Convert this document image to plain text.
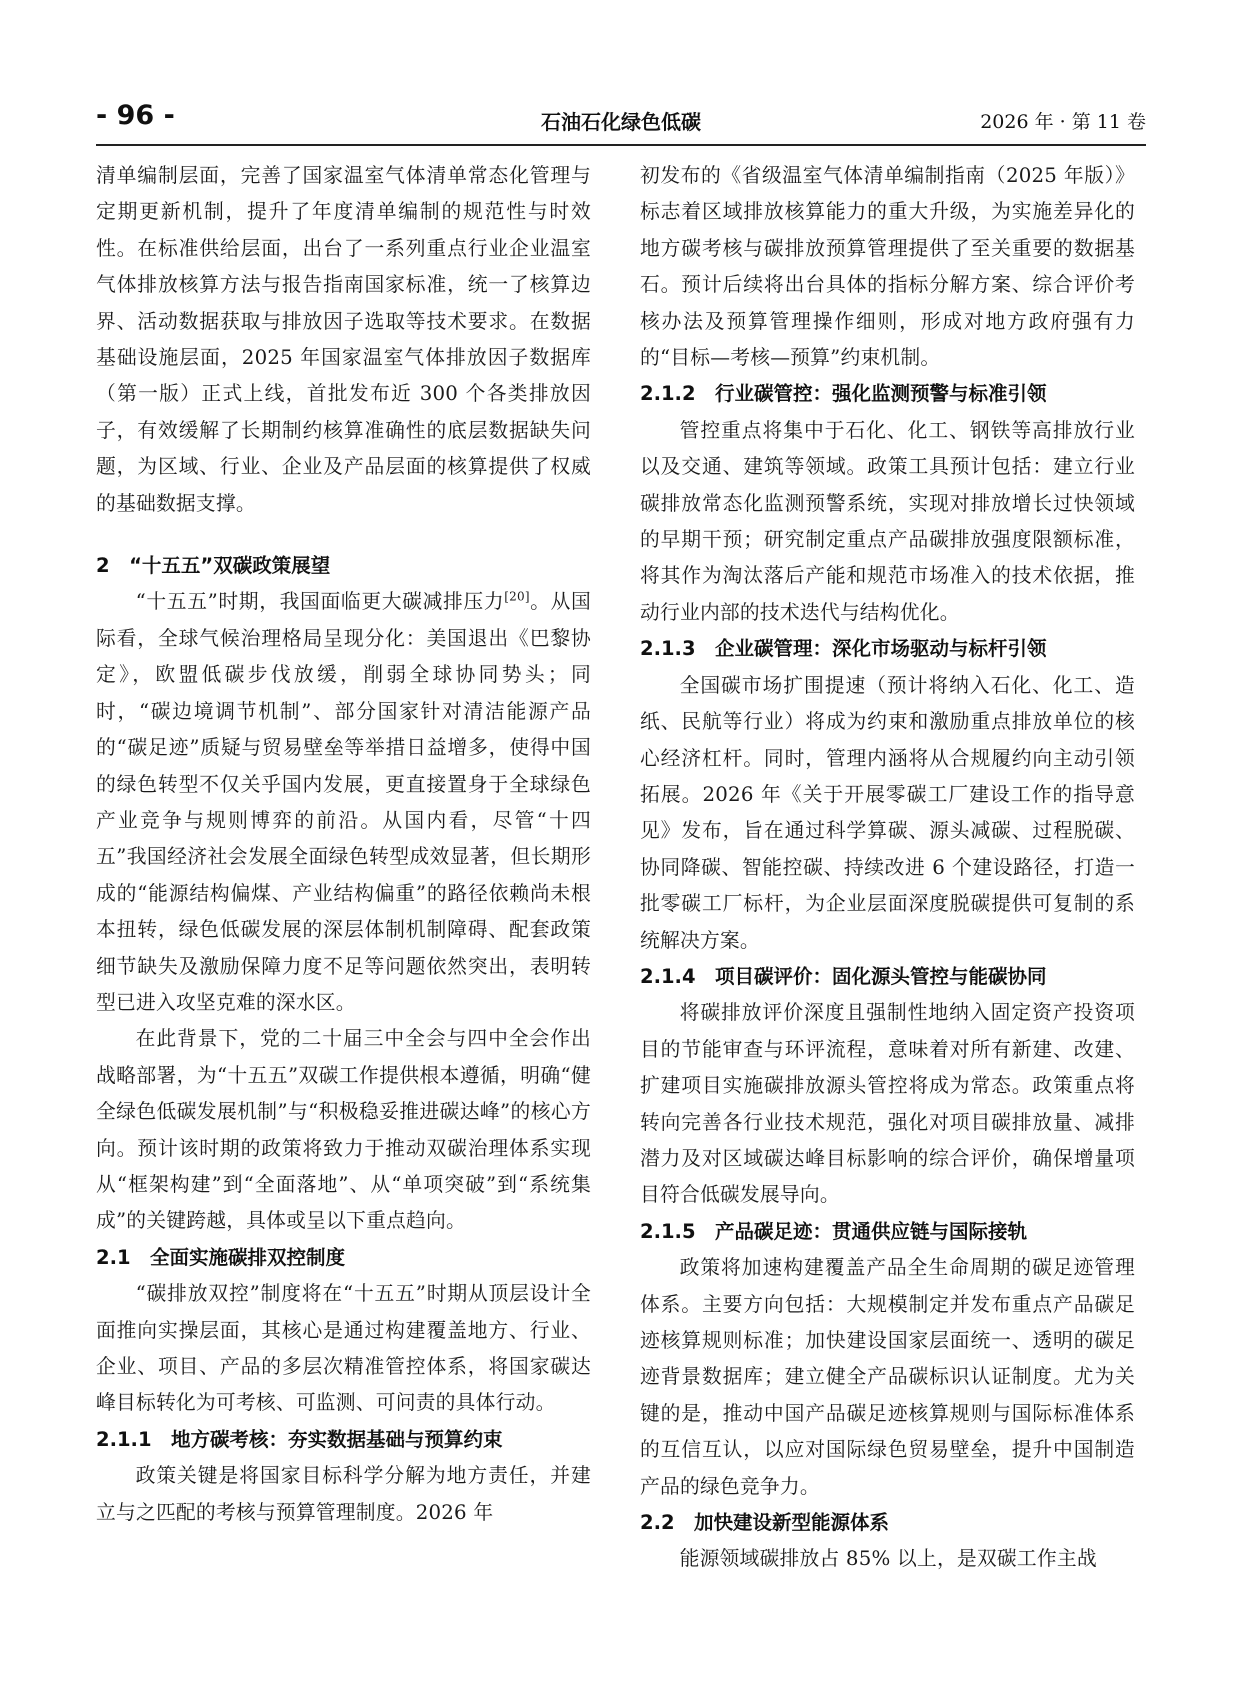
- 96 -	石油石化绿色低碳	2026 年 · 第 11 卷

清单编制层面，完善了国家温室气体清单常态化管理与定期更新机制，提升了年度清单编制的规范性与时效性。在标准供给层面，出台了一系列重点行业企业温室气体排放核算方法与报告指南国家标准，统一了核算边界、活动数据获取与排放因子选取等技术要求。在数据基础设施层面，2025 年国家温室气体排放因子数据库（第一版）正式上线，首批发布近 300 个各类排放因子，有效缓解了长期制约核算准确性的底层数据缺失问题，为区域、行业、企业及产品层面的核算提供了权威的基础数据支撑。

2　“十五五”双碳政策展望

“十五五”时期，我国面临更大碳减排压力[20]。从国际看，全球气候治理格局呈现分化：美国退出《巴黎协定》，欧盟低碳步伐放缓，削弱全球协同势头；同时，“碳边境调节机制”、部分国家针对清洁能源产品的“碳足迹”质疑与贸易壁垒等举措日益增多，使得中国的绿色转型不仅关乎国内发展，更直接置身于全球绿色产业竞争与规则博弈的前沿。从国内看，尽管“十四五”我国经济社会发展全面绿色转型成效显著，但长期形成的“能源结构偏煤、产业结构偏重”的路径依赖尚未根本扭转，绿色低碳发展的深层体制机制障碍、配套政策细节缺失及激励保障力度不足等问题依然突出，表明转型已进入攻坚克难的深水区。

在此背景下，党的二十届三中全会与四中全会作出战略部署，为“十五五”双碳工作提供根本遵循，明确“健全绿色低碳发展机制”与“积极稳妥推进碳达峰”的核心方向。预计该时期的政策将致力于推动双碳治理体系实现从“框架构建”到“全面落地”、从“单项突破”到“系统集成”的关键跨越，具体或呈以下重点趋向。

2.1　全面实施碳排双控制度

“碳排放双控”制度将在“十五五”时期从顶层设计全面推向实操层面，其核心是通过构建覆盖地方、行业、企业、项目、产品的多层次精准管控体系，将国家碳达峰目标转化为可考核、可监测、可问责的具体行动。

2.1.1　地方碳考核：夯实数据基础与预算约束

政策关键是将国家目标科学分解为地方责任，并建立与之匹配的考核与预算管理制度。2026 年

初发布的《省级温室气体清单编制指南（2025 年版）》标志着区域排放核算能力的重大升级，为实施差异化的地方碳考核与碳排放预算管理提供了至关重要的数据基石。预计后续将出台具体的指标分解方案、综合评价考核办法及预算管理操作细则，形成对地方政府强有力的“目标—考核—预算”约束机制。

2.1.2　行业碳管控：强化监测预警与标准引领

管控重点将集中于石化、化工、钢铁等高排放行业以及交通、建筑等领域。政策工具预计包括：建立行业碳排放常态化监测预警系统，实现对排放增长过快领域的早期干预；研究制定重点产品碳排放强度限额标准，将其作为淘汰落后产能和规范市场准入的技术依据，推动行业内部的技术迭代与结构优化。

2.1.3　企业碳管理：深化市场驱动与标杆引领

全国碳市场扩围提速（预计将纳入石化、化工、造纸、民航等行业）将成为约束和激励重点排放单位的核心经济杠杆。同时，管理内涵将从合规履约向主动引领拓展。2026 年《关于开展零碳工厂建设工作的指导意见》发布，旨在通过科学算碳、源头减碳、过程脱碳、协同降碳、智能控碳、持续改进 6 个建设路径，打造一批零碳工厂标杆，为企业层面深度脱碳提供可复制的系统解决方案。

2.1.4　项目碳评价：固化源头管控与能碳协同

将碳排放评价深度且强制性地纳入固定资产投资项目的节能审查与环评流程，意味着对所有新建、改建、扩建项目实施碳排放源头管控将成为常态。政策重点将转向完善各行业技术规范，强化对项目碳排放量、减排潜力及对区域碳达峰目标影响的综合评价，确保增量项目符合低碳发展导向。

2.1.5　产品碳足迹：贯通供应链与国际接轨

政策将加速构建覆盖产品全生命周期的碳足迹管理体系。主要方向包括：大规模制定并发布重点产品碳足迹核算规则标准；加快建设国家层面统一、透明的碳足迹背景数据库；建立健全产品碳标识认证制度。尤为关键的是，推动中国产品碳足迹核算规则与国际标准体系的互信互认，以应对国际绿色贸易壁垒，提升中国制造产品的绿色竞争力。

2.2　加快建设新型能源体系

能源领域碳排放占 85% 以上，是双碳工作主战
